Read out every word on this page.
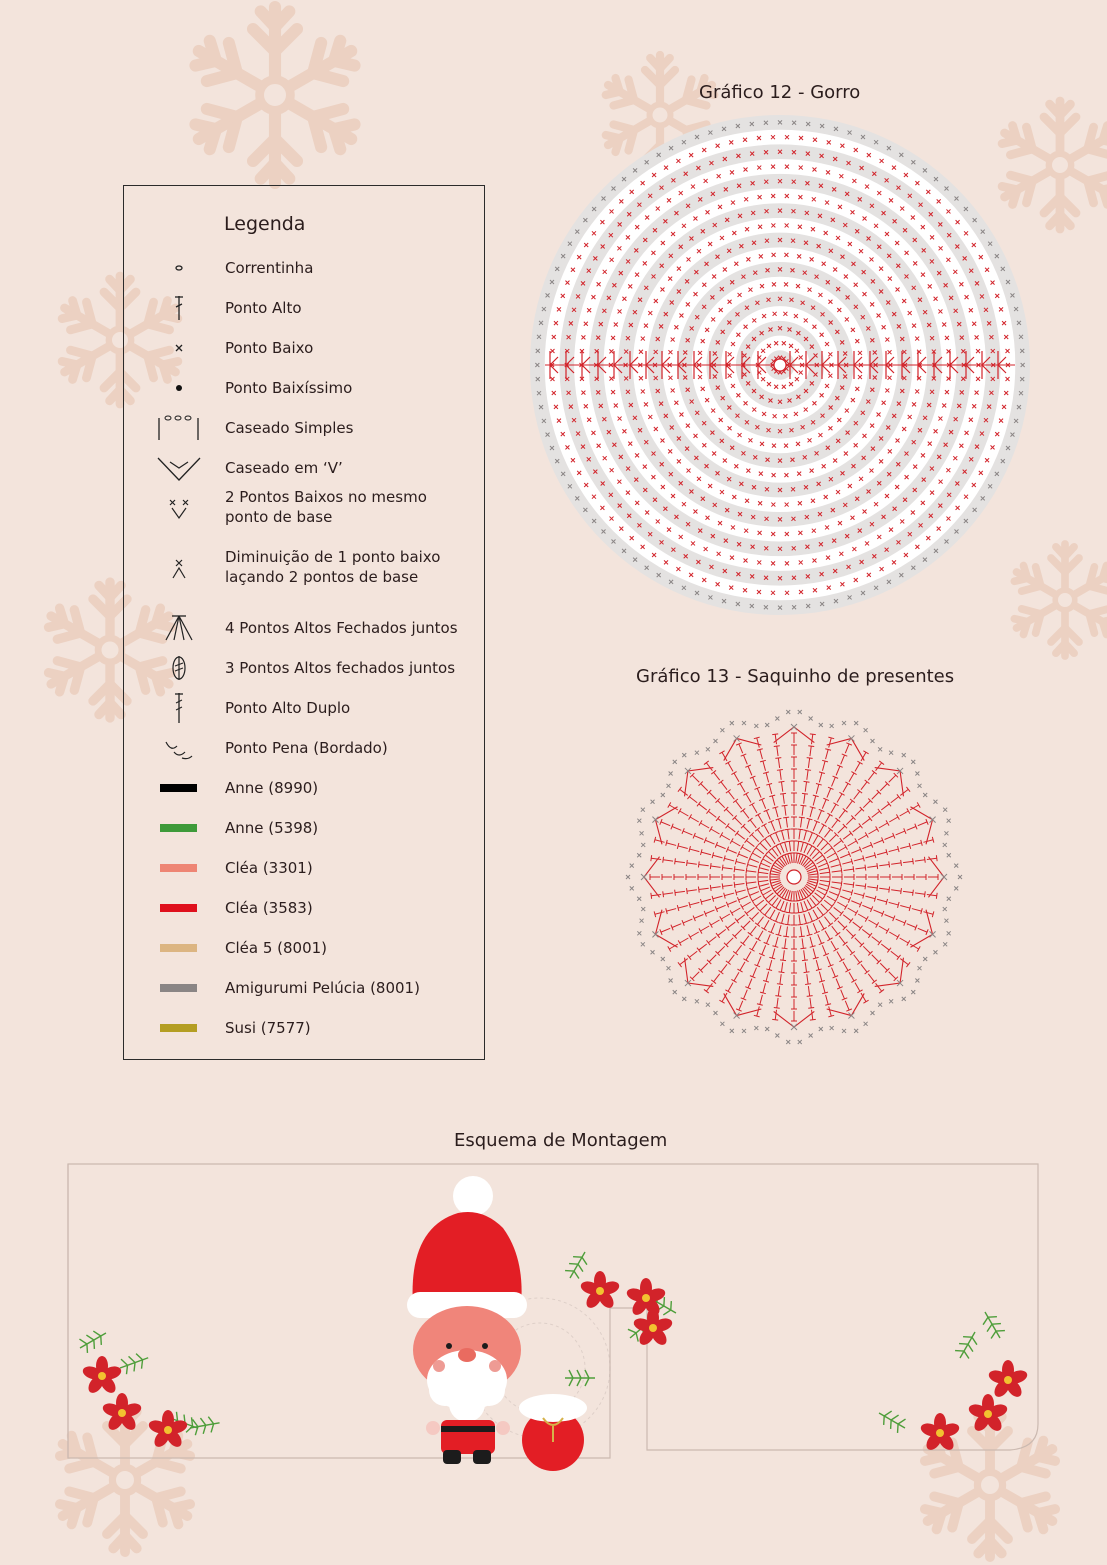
Legenda
Correntinha
Ponto Alto
Ponto Baixo
Ponto Baixíssimo
Caseado Simples
Caseado em ‘V’
2 Pontos Baixos no mesmo
ponto de base
Diminuição de 1 ponto baixo
laçando 2 pontos de base
4 Pontos Altos Fechados juntos
3 Pontos Altos fechados juntos
Ponto Alto Duplo
Ponto Pena (Bordado)
Anne (8990)
Anne (5398)
Cléa (3301)
Cléa (3583)
Cléa 5 (8001)
Amigurumi Pelúcia (8001)
Susi (7577)
Gráfico 12 - Gorro
Gráfico 13 - Saquinho de presentes
Esquema de Montagem
